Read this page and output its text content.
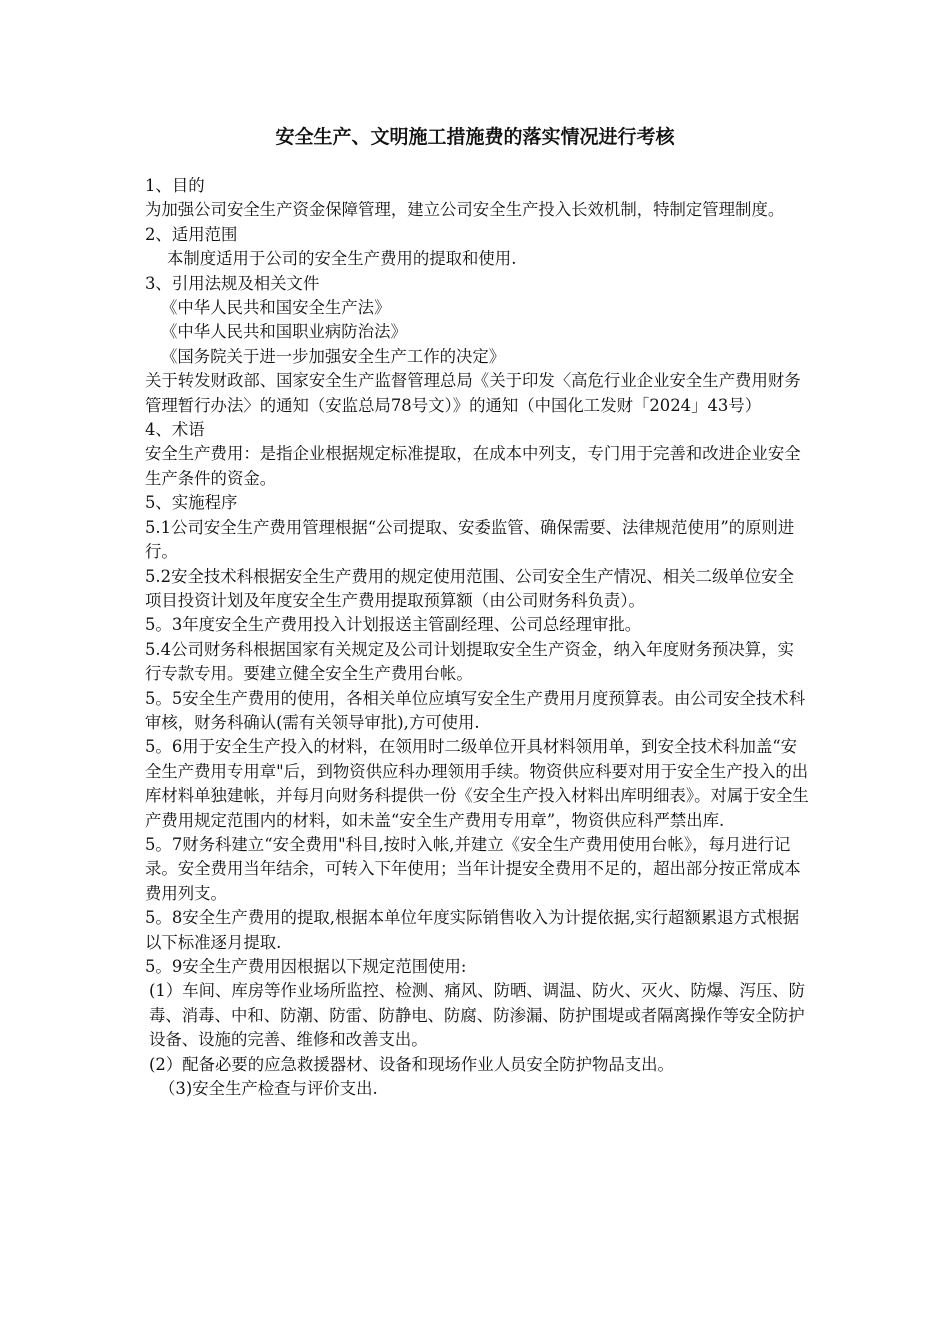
安全生产、文明施工措施费的落实情况进行考核

1、目的

为加强公司安全生产资金保障管理，建立公司安全生产投入长效机制，特制定管理制度。

2、适用范围

本制度适用于公司的安全生产费用的提取和使用.

3、引用法规及相关文件

《中华人民共和国安全生产法》

《中华人民共和国职业病防治法》

《国务院关于进一步加强安全生产工作的决定》

关于转发财政部、国家安全生产监督管理总局《关于印发〈高危行业企业安全生产费用财务管理暂行办法〉的通知（安监总局78号文）》的通知（中国化工发财「2024」43号）

4、术语

安全生产费用：是指企业根据规定标准提取，在成本中列支，专门用于完善和改进企业安全生产条件的资金。

5、实施程序

5.1公司安全生产费用管理根据“公司提取、安委监管、确保需要、法律规范使用”的原则进行。

5.2安全技术科根据安全生产费用的规定使用范围、公司安全生产情况、相关二级单位安全项目投资计划及年度安全生产费用提取预算额（由公司财务科负责）。

5。3年度安全生产费用投入计划报送主管副经理、公司总经理审批。

5.4公司财务科根据国家有关规定及公司计划提取安全生产资金，纳入年度财务预决算，实行专款专用。要建立健全安全生产费用台帐。

5。5安全生产费用的使用，各相关单位应填写安全生产费用月度预算表。由公司安全技术科审核，财务科确认(需有关领导审批),方可使用.

5。6用于安全生产投入的材料，在领用时二级单位开具材料领用单，到安全技术科加盖“安全生产费用专用章"后，到物资供应科办理领用手续。物资供应科要对用于安全生产投入的出库材料单独建帐，并每月向财务科提供一份《安全生产投入材料出库明细表》。对属于安全生产费用规定范围内的材料，如未盖“安全生产费用专用章”，物资供应科严禁出库.

5。7财务科建立“安全费用"科目,按时入帐,并建立《安全生产费用使用台帐》，每月进行记录。安全费用当年结余，可转入下年使用；当年计提安全费用不足的，超出部分按正常成本费用列支。

5。8安全生产费用的提取,根据本单位年度实际销售收入为计提依据,实行超额累退方式根据以下标准逐月提取.

5。9安全生产费用因根据以下规定范围使用:

(1）车间、库房等作业场所监控、检测、痛风、防晒、调温、防火、灭火、防爆、泻压、防毒、消毒、中和、防潮、防雷、防静电、防腐、防渗漏、防护围堤或者隔离操作等安全防护设备、设施的完善、维修和改善支出。

(2）配备必要的应急救援器材、设备和现场作业人员安全防护物品支出。

（3)安全生产检查与评价支出.
